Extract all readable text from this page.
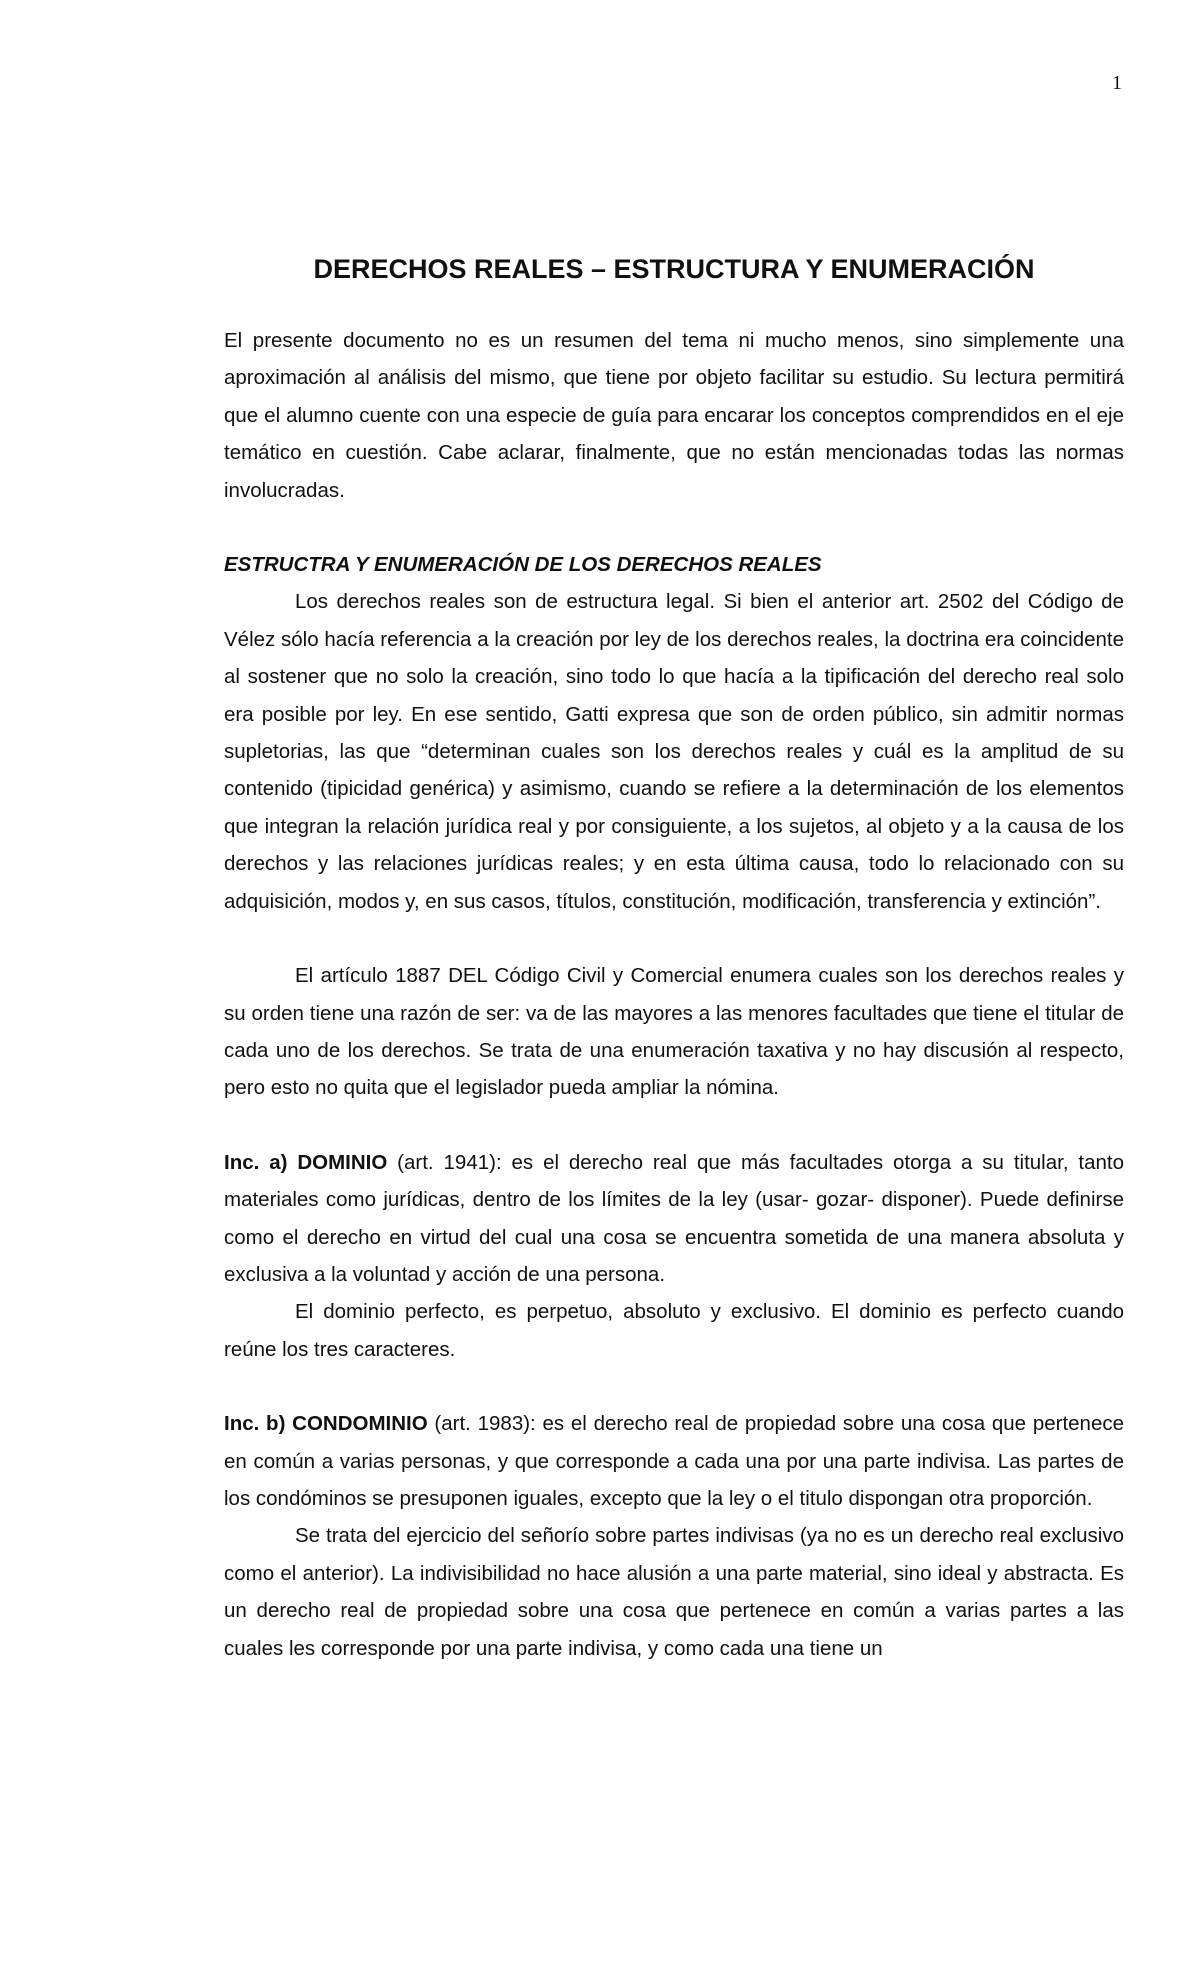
1
DERECHOS REALES – ESTRUCTURA Y ENUMERACIÓN

El presente documento no es un resumen del tema ni mucho menos, sino simplemente una aproximación al análisis del mismo, que tiene por objeto facilitar su estudio. Su lectura permitirá que el alumno cuente con una especie de guía para encarar los conceptos comprendidos en el eje temático en cuestión. Cabe aclarar, finalmente, que no están mencionadas todas las normas involucradas.

ESTRUCTRA Y ENUMERACIÓN DE LOS DERECHOS REALES

Los derechos reales son de estructura legal. Si bien el anterior art. 2502 del Código de Vélez sólo hacía referencia a la creación por ley de los derechos reales, la doctrina era coincidente al sostener que no solo la creación, sino todo lo que hacía a la tipificación del derecho real solo era posible por ley. En ese sentido, Gatti expresa que son de orden público, sin admitir normas supletorias, las que “determinan cuales son los derechos reales y cuál es la amplitud de su contenido (tipicidad genérica) y asimismo, cuando se refiere a la determinación de los elementos que integran la relación jurídica real y por consiguiente, a los sujetos, al objeto y a la causa de los derechos y las relaciones jurídicas reales; y en esta última causa, todo lo relacionado con su adquisición, modos y, en sus casos, títulos, constitución, modificación, transferencia y extinción”.

El artículo 1887 DEL Código Civil y Comercial enumera cuales son los derechos reales y su orden tiene una razón de ser: va de las mayores a las menores facultades que tiene el titular de cada uno de los derechos. Se trata de una enumeración taxativa y no hay discusión al respecto, pero esto no quita que el legislador pueda ampliar la nómina.

Inc. a) DOMINIO (art. 1941): es el derecho real que más facultades otorga a su titular, tanto materiales como jurídicas, dentro de los límites de la ley (usar- gozar- disponer). Puede definirse como el derecho en virtud del cual una cosa se encuentra sometida de una manera absoluta y exclusiva a la voluntad y acción de una persona.

El dominio perfecto, es perpetuo, absoluto y exclusivo. El dominio es perfecto cuando reúne los tres caracteres.

Inc. b) CONDOMINIO (art. 1983): es el derecho real de propiedad sobre una cosa que pertenece en común a varias personas, y que corresponde a cada una por una parte indivisa. Las partes de los condóminos se presuponen iguales, excepto que la ley o el titulo dispongan otra proporción.

Se trata del ejercicio del señorío sobre partes indivisas (ya no es un derecho real exclusivo como el anterior). La indivisibilidad no hace alusión a una parte material, sino ideal y abstracta. Es un derecho real de propiedad sobre una cosa que pertenece en común a varias partes a las cuales les corresponde por una parte indivisa, y como cada una tiene un
